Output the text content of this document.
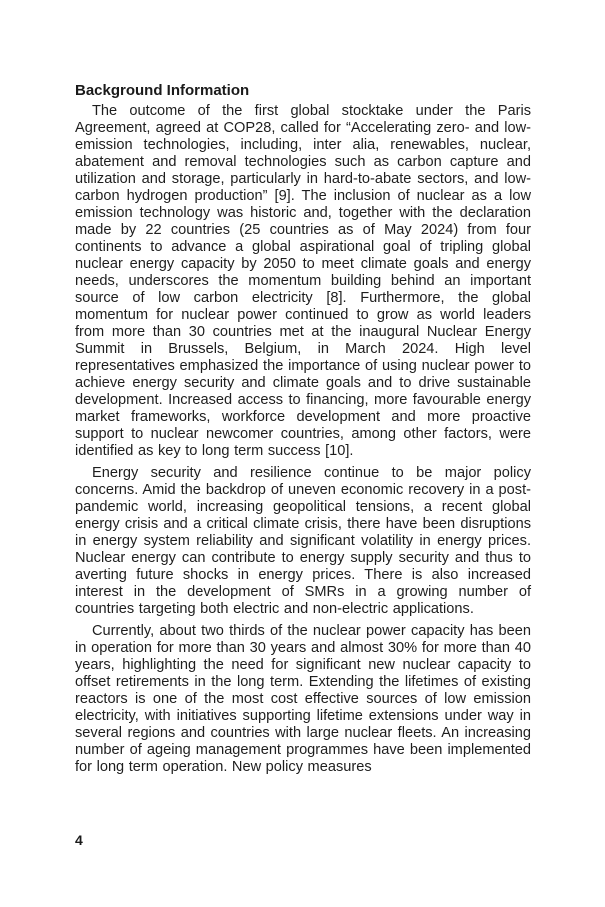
Background Information

The outcome of the first global stocktake under the Paris Agreement, agreed at COP28, called for “Accelerating zero- and low-emission technologies, including, inter alia, renewables, nuclear, abatement and removal technologies such as carbon capture and utilization and storage, particularly in hard-to-abate sectors, and low-carbon hydrogen production” [9]. The inclusion of nuclear as a low emission technology was historic and, together with the declaration made by 22 countries (25 countries as of May 2024) from four continents to advance a global aspirational goal of tripling global nuclear energy capacity by 2050 to meet climate goals and energy needs, underscores the momentum building behind an important source of low carbon electricity [8]. Furthermore, the global momentum for nuclear power continued to grow as world leaders from more than 30 countries met at the inaugural Nuclear Energy Summit in Brussels, Belgium, in March 2024. High level representatives emphasized the importance of using nuclear power to achieve energy security and climate goals and to drive sustainable development. Increased access to financing, more favourable energy market frameworks, workforce development and more proactive support to nuclear newcomer countries, among other factors, were identified as key to long term success [10].

Energy security and resilience continue to be major policy concerns. Amid the backdrop of uneven economic recovery in a post-pandemic world, increasing geopolitical tensions, a recent global energy crisis and a critical climate crisis, there have been disruptions in energy system reliability and significant volatility in energy prices. Nuclear energy can contribute to energy supply security and thus to averting future shocks in energy prices. There is also increased interest in the development of SMRs in a growing number of countries targeting both electric and non-electric applications.

Currently, about two thirds of the nuclear power capacity has been in operation for more than 30 years and almost 30% for more than 40 years, highlighting the need for significant new nuclear capacity to offset retirements in the long term. Extending the lifetimes of existing reactors is one of the most cost effective sources of low emission electricity, with initiatives supporting lifetime extensions under way in several regions and countries with large nuclear fleets. An increasing number of ageing management programmes have been implemented for long term operation. New policy measures

4
